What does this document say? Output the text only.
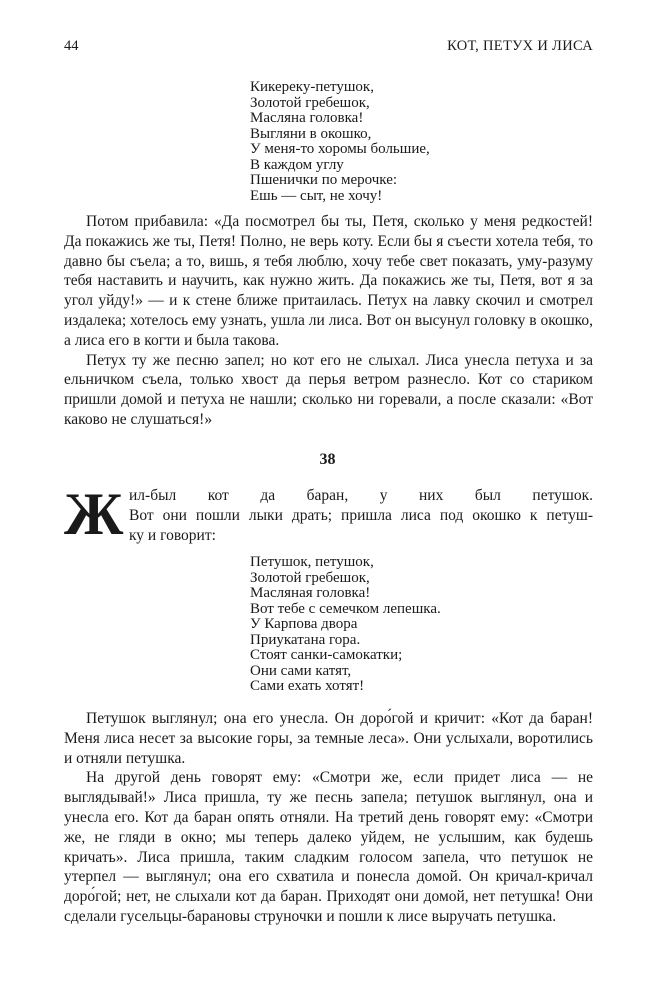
44	КОТ, ПЕТУХ И ЛИСА
Кикереку-петушок,
Золотой гребешок,
Масляна головка!
Выгляни в окошко,
У меня-то хоромы большие,
В каждом углу
Пшенички по мерочке:
Ешь — сыт, не хочу!

Потом прибавила: «Да посмотрел бы ты, Петя, сколько у меня редкостей! Да покажись же ты, Петя! Полно, не верь коту. Если бы я съести хотела тебя, то давно бы съела; а то, вишь, я тебя люблю, хочу тебе свет показать, уму-разуму тебя наставить и научить, как нужно жить. Да покажись же ты, Петя, вот я за угол уйду!» — и к стене ближе притаилась. Петух на лавку скочил и смотрел издалека; хотелось ему узнать, ушла ли лиса. Вот он высунул головку в окошко, а лиса его в когти и была такова.

Петух ту же песню запел; но кот его не слыхал. Лиса унесла петуха и за ельничком съела, только хвост да перья ветром разнесло. Кот со стариком пришли домой и петуха не нашли; сколько ни горевали, а после сказали: «Вот каково не слушаться!»

38
Ж ил-был кот да баран, у них был петушок.
Вот они пошли лыки драть; пришла лиса под окошко к петуш-
ку и говорит:
Петушок, петушок,
Золотой гребешок,
Масляная головка!
Вот тебе с семечком лепешка.
У Карпова двора
Приукатана гора.
Стоят санки-самокатки;
Они сами катят,
Сами ехать хотят!

Петушок выглянул; она его унесла. Он доро́гой и кричит: «Кот да баран! Меня лиса несет за высокие горы, за темные леса». Они услыхали, воротились и отняли петушка.

На другой день говорят ему: «Смотри же, если придет лиса — не выглядывай!» Лиса пришла, ту же песнь запела; петушок выглянул, она и унесла его. Кот да баран опять отняли. На третий день говорят ему: «Смотри же, не гляди в окно; мы теперь далеко уйдем, не услышим, как будешь кричать». Лиса пришла, таким сладким голосом запела, что петушок не утерпел — выглянул; она его схватила и понесла домой. Он кричал-кричал доро́гой; нет, не слыхали кот да баран. Приходят они домой, нет петушка! Они сделали гусельцы-барановы струночки и пошли к лисе выручать петушка.
